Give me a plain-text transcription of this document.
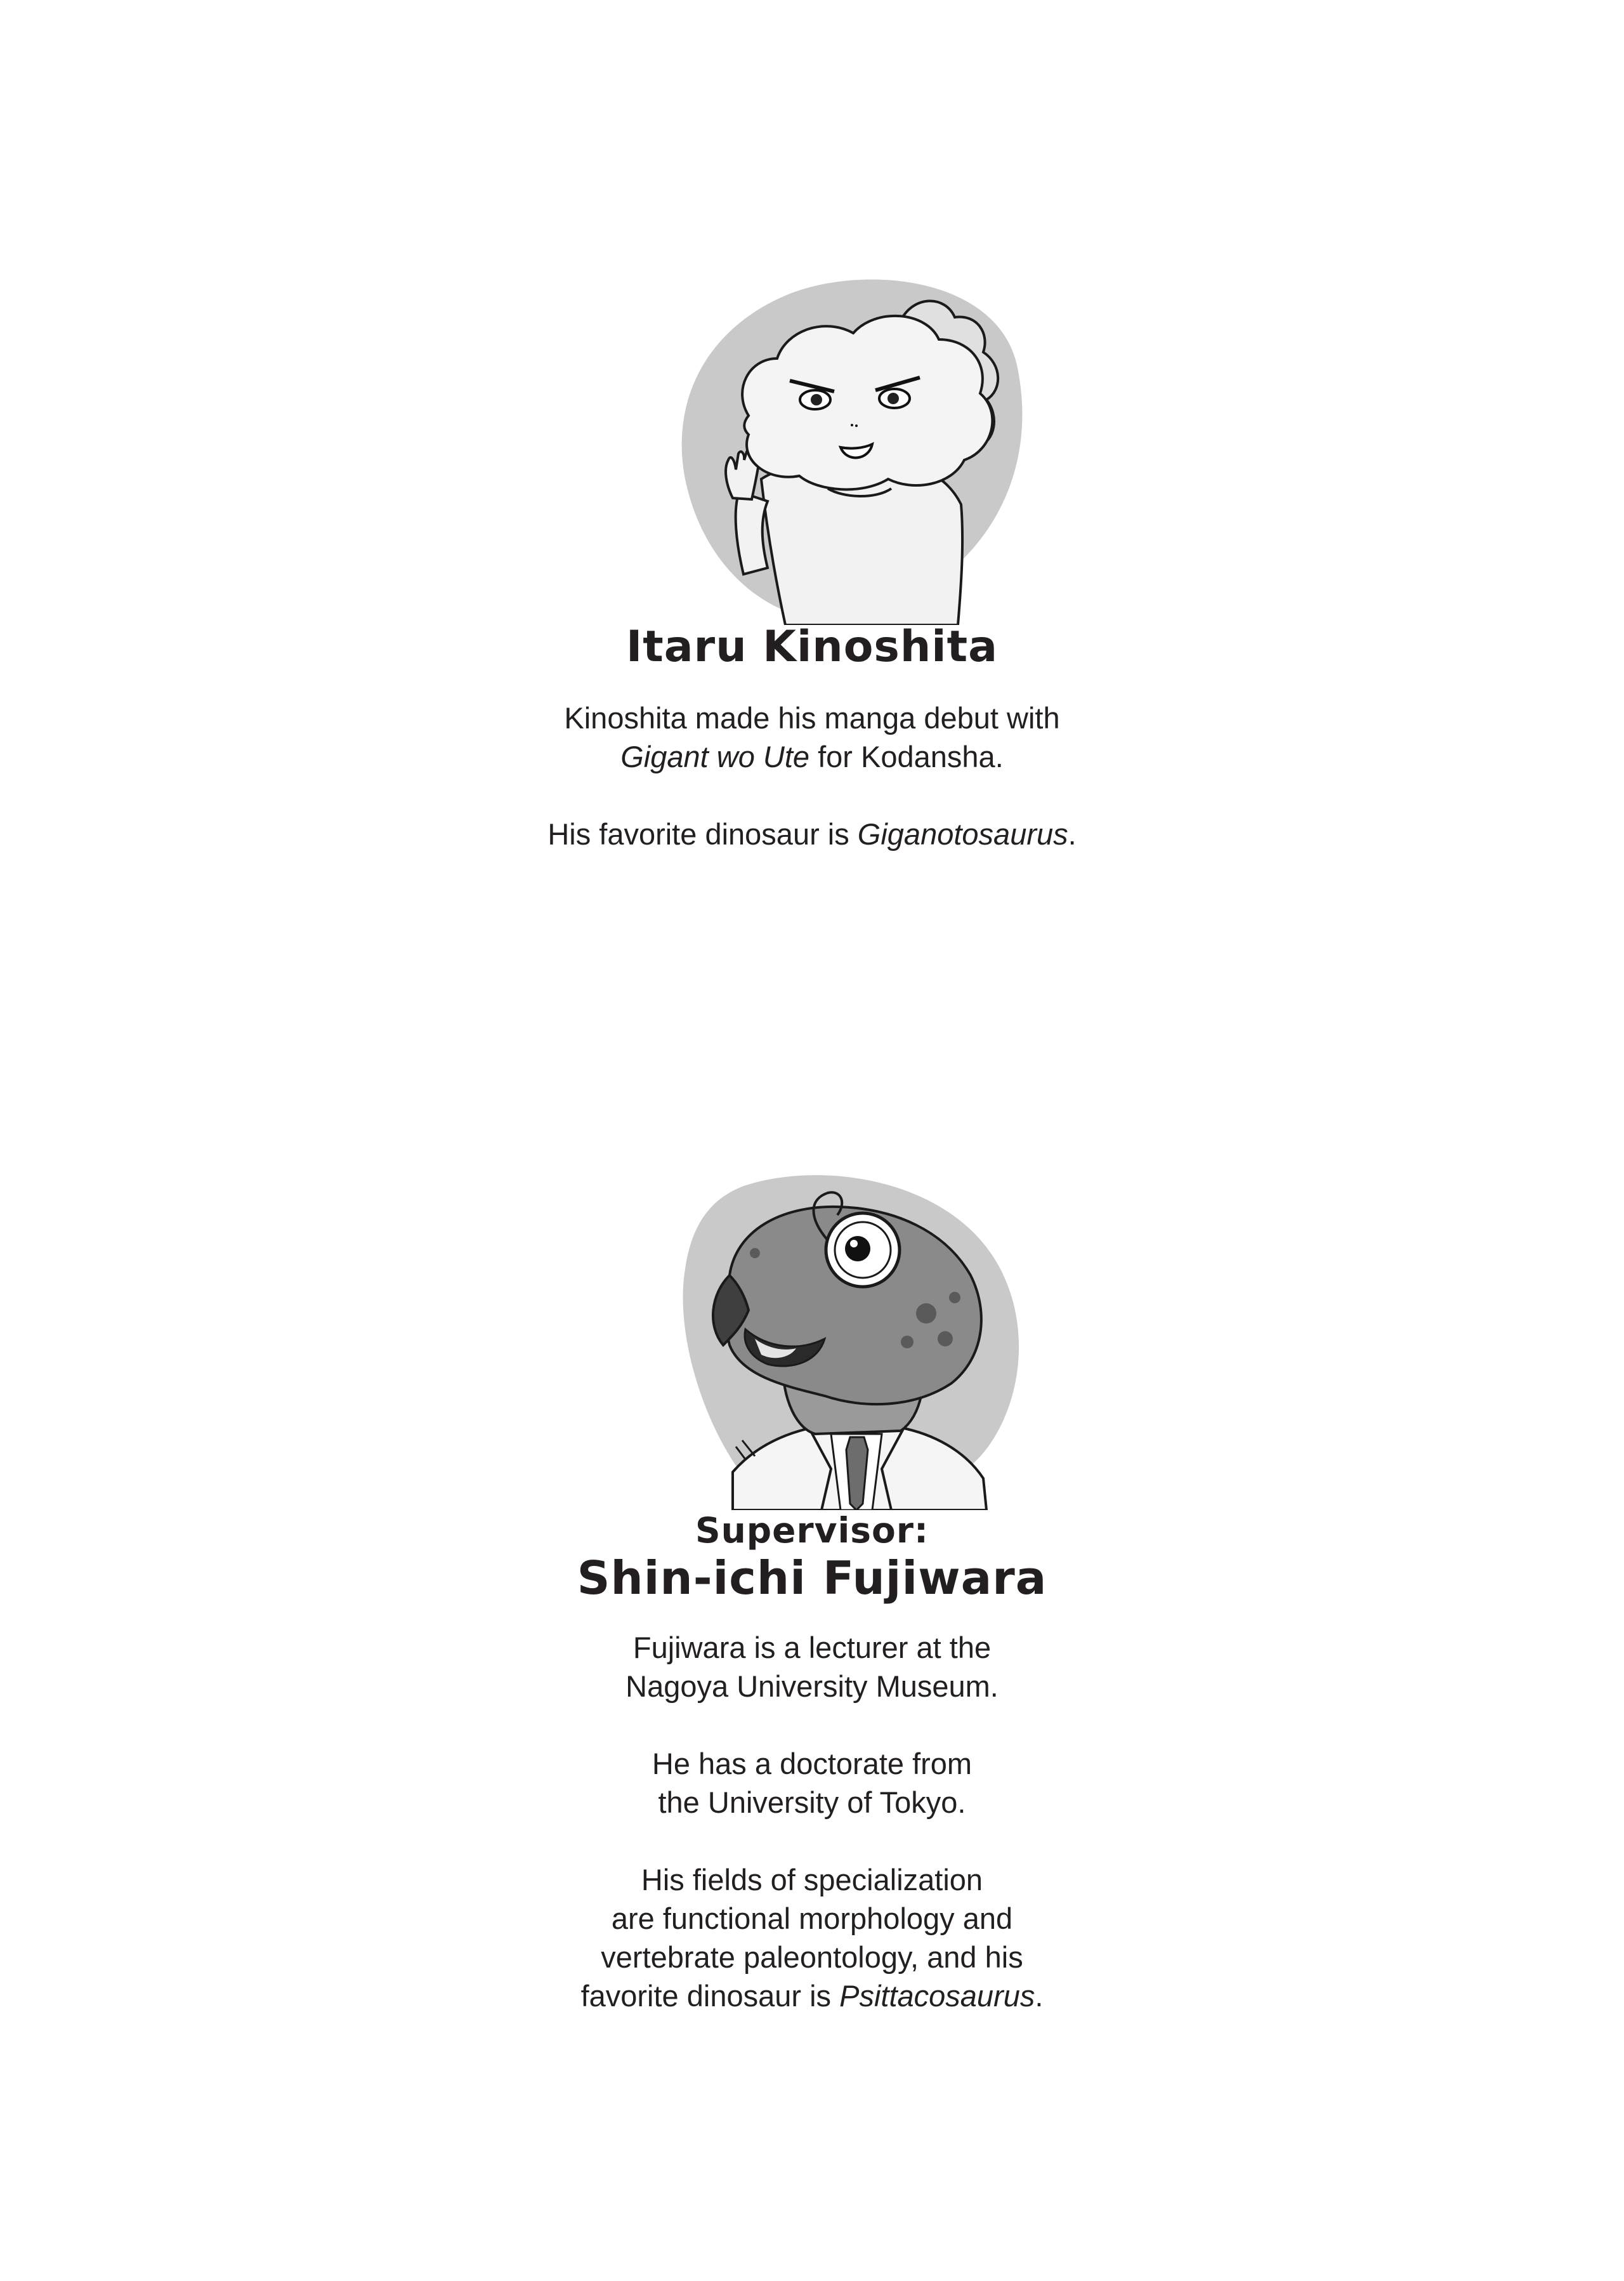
Itaru Kinoshita

Kinoshita made his manga debut with
Gigant wo Ute for Kodansha.

His favorite dinosaur is Giganotosaurus.

Supervisor:
Shin-ichi Fujiwara

Fujiwara is a lecturer at the
Nagoya University Museum.

He has a doctorate from
the University of Tokyo.

His fields of specialization
are functional morphology and
vertebrate paleontology, and his
favorite dinosaur is Psittacosaurus.
